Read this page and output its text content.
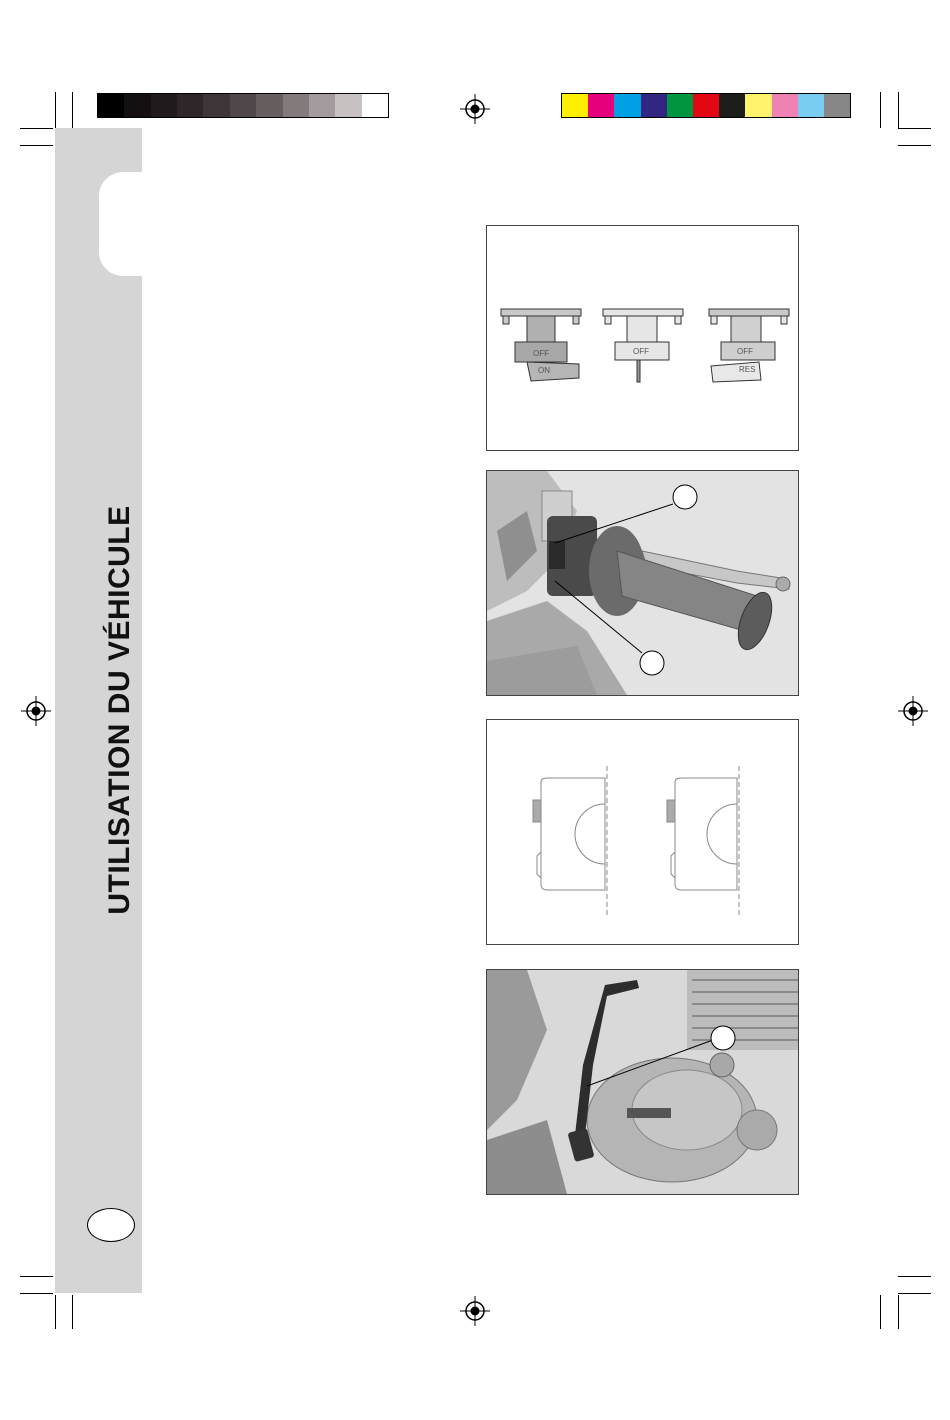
UTILISATION DU VÉHICULE
OFF
ON
OFF	OFF
RES
